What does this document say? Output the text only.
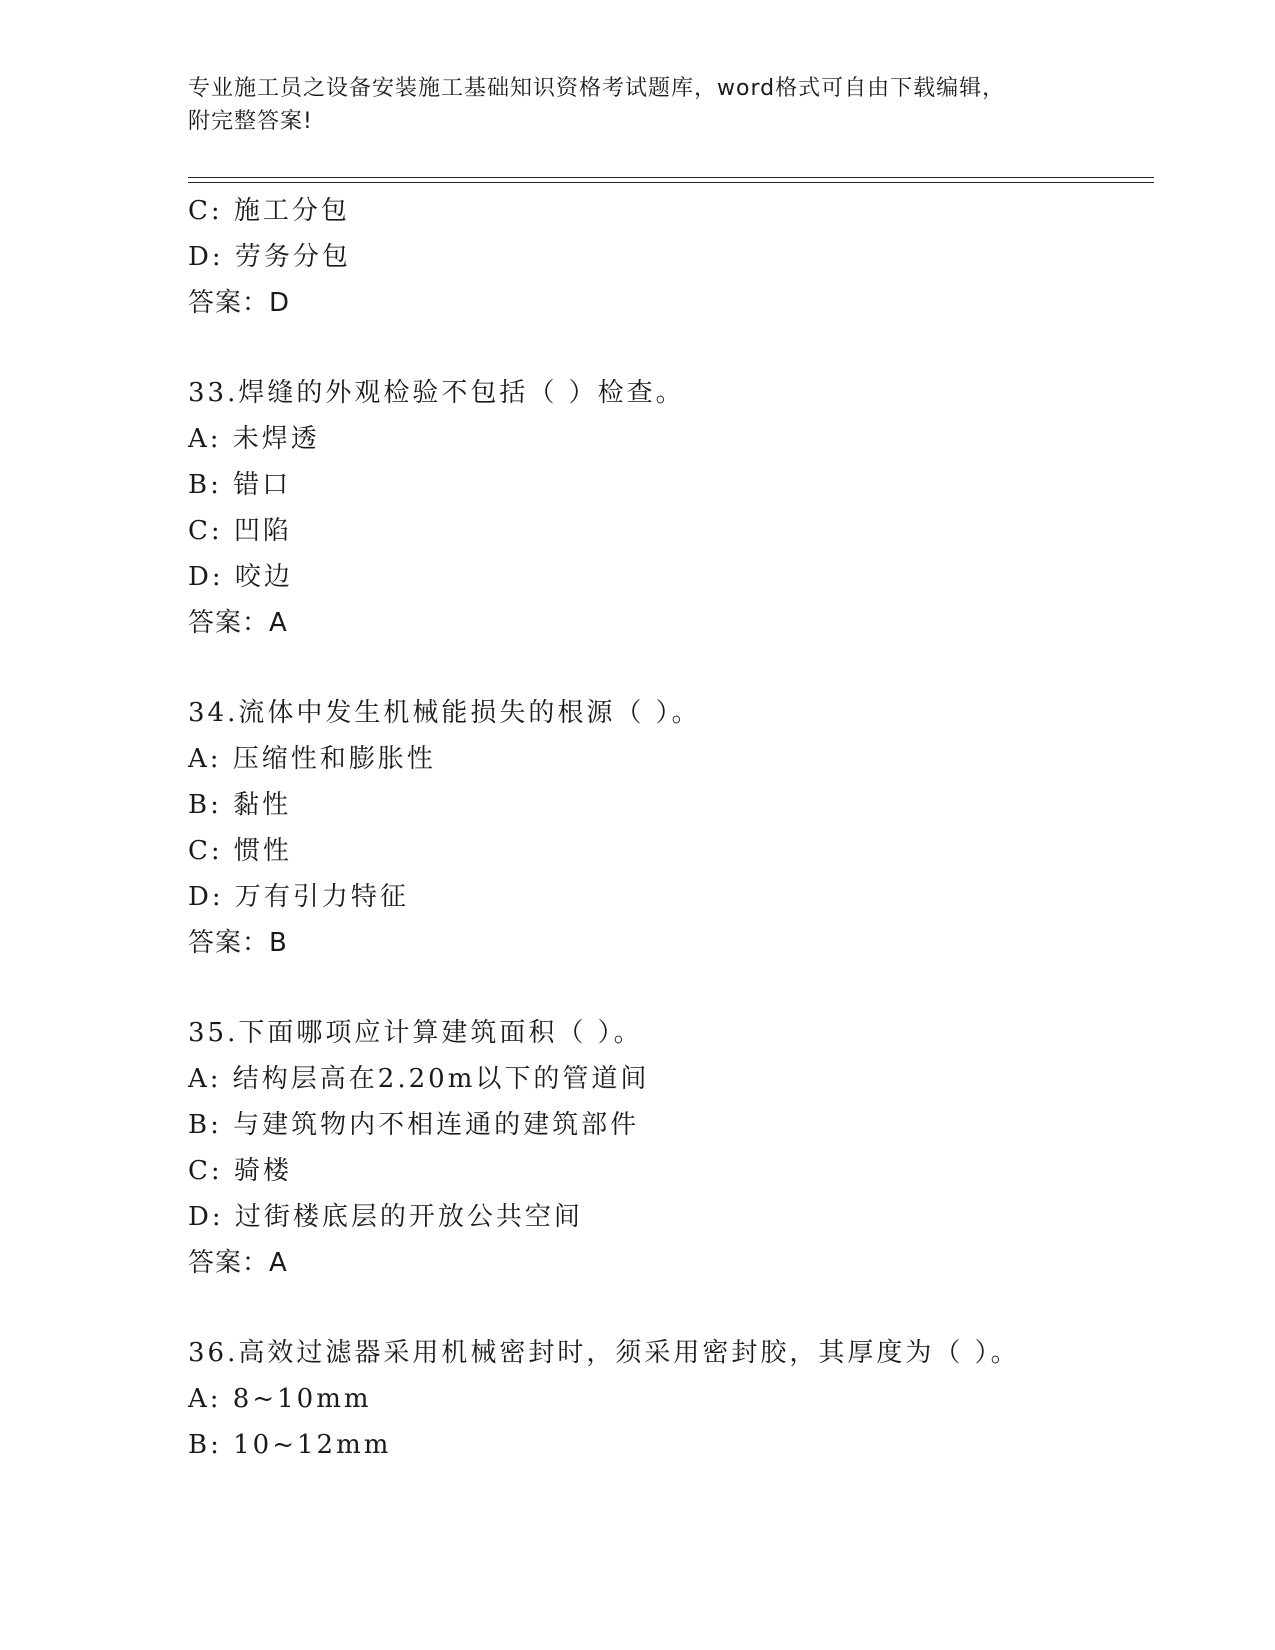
专业施工员之设备安装施工基础知识资格考试题库，word格式可自由下载编辑，
附完整答案!
C: 施工分包
D: 劳务分包
答案：D
33.焊缝的外观检验不包括（ ）检查。
A: 未焊透
B: 错口
C: 凹陷
D: 咬边
答案：A
34.流体中发生机械能损失的根源（ ）。
A: 压缩性和膨胀性
B: 黏性
C: 惯性
D: 万有引力特征
答案：B
35.下面哪项应计算建筑面积（ ）。
A: 结构层高在2.20m以下的管道间
B: 与建筑物内不相连通的建筑部件
C: 骑楼
D: 过街楼底层的开放公共空间
答案：A
36.高效过滤器采用机械密封时，须采用密封胶，其厚度为（ ）。
A: 8~10mm
B: 10~12mm
